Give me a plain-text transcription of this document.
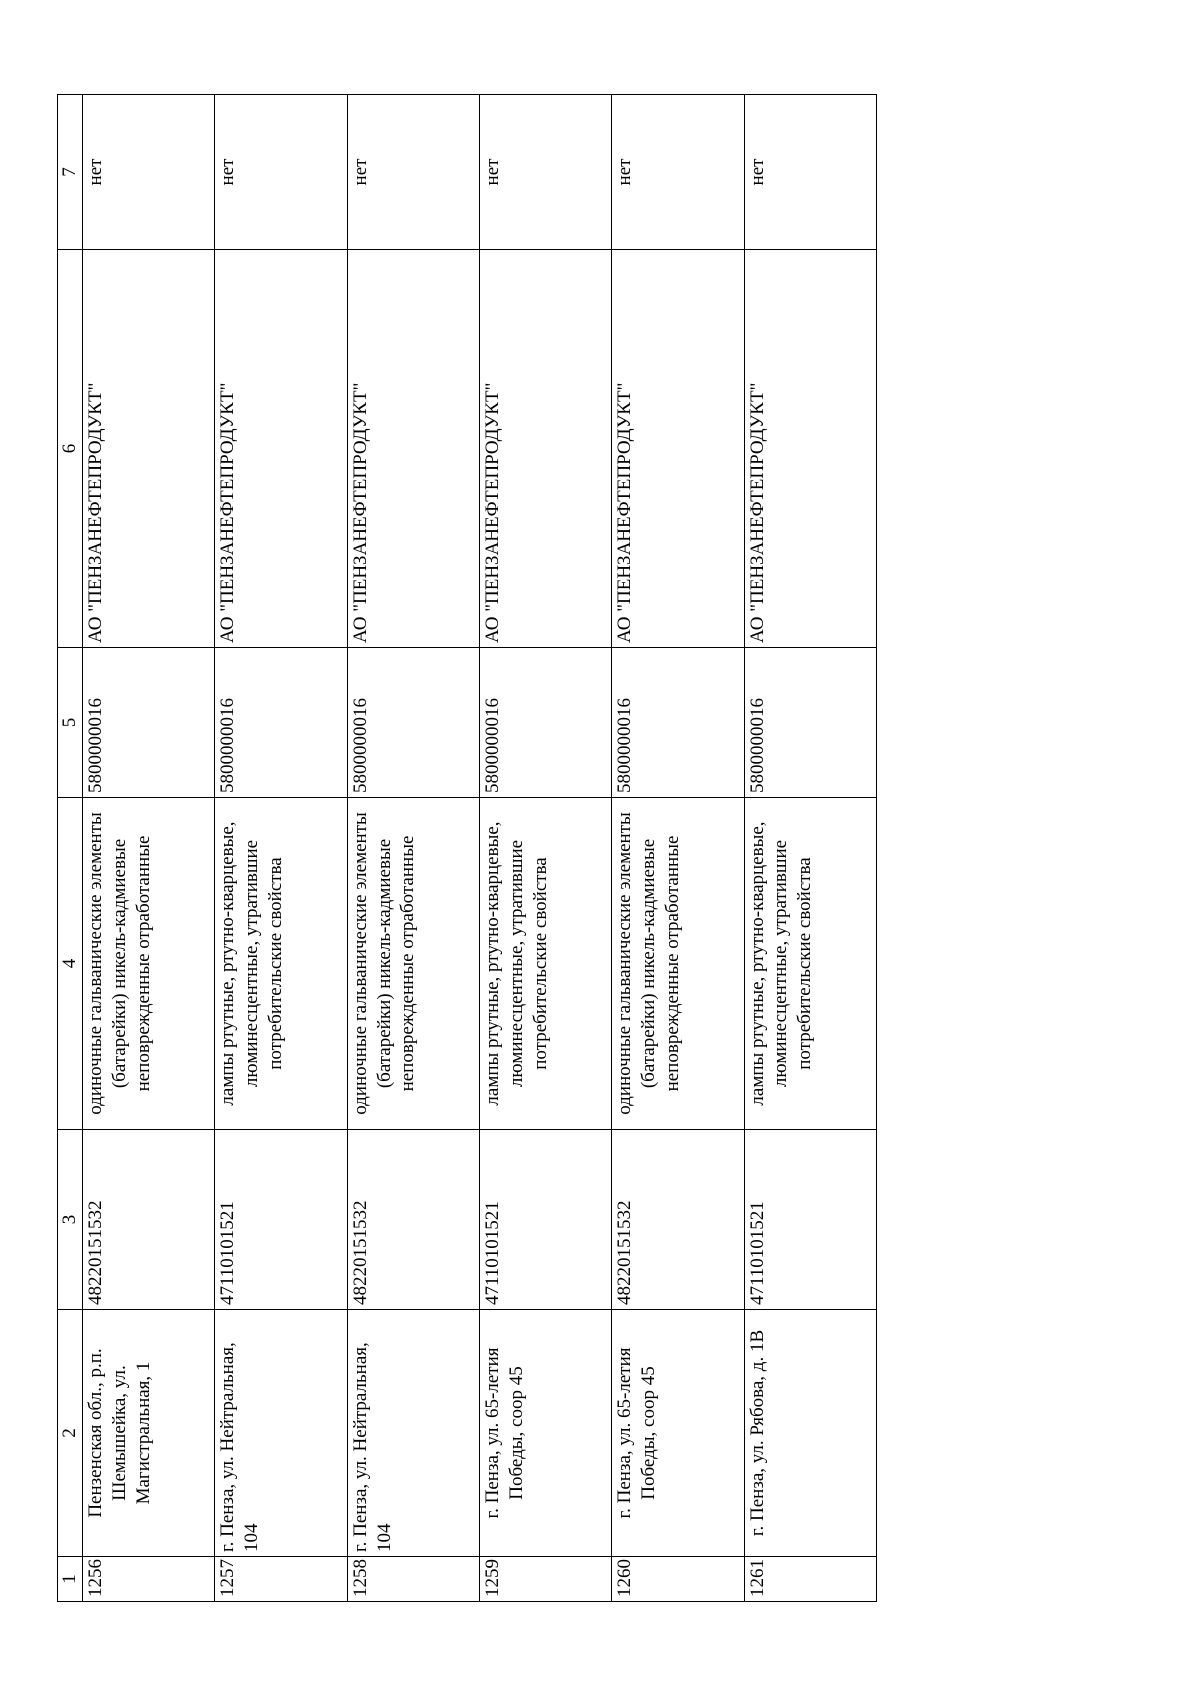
1	2	3	4	5	6	7
1256	Пензенская обл., р.п. Шемышейка, ул. Магистральная, 1	48220151532	одиночные гальванические элементы (батарейки) никель-кадмиевые неповрежденные отработанные	5800000016	АО "ПЕНЗАНЕФТЕПРОДУКТ"	нет
1257	г. Пенза, ул. Нейтральная, 104	47110101521	лампы ртутные, ртутно-кварцевые, люминесцентные, утратившие потребительские свойства	5800000016	АО "ПЕНЗАНЕФТЕПРОДУКТ"	нет
1258	г. Пенза, ул. Нейтральная, 104	48220151532	одиночные гальванические элементы (батарейки) никель-кадмиевые неповрежденные отработанные	5800000016	АО "ПЕНЗАНЕФТЕПРОДУКТ"	нет
1259	г. Пенза, ул. 65-летия Победы, соор 45	47110101521	лампы ртутные, ртутно-кварцевые, люминесцентные, утратившие потребительские свойства	5800000016	АО "ПЕНЗАНЕФТЕПРОДУКТ"	нет
1260	г. Пенза, ул. 65-летия Победы, соор 45	48220151532	одиночные гальванические элементы (батарейки) никель-кадмиевые неповрежденные отработанные	5800000016	АО "ПЕНЗАНЕФТЕПРОДУКТ"	нет
1261	г. Пенза, ул. Рябова, д. 1В	47110101521	лампы ртутные, ртутно-кварцевые, люминесцентные, утратившие потребительские свойства	5800000016	АО "ПЕНЗАНЕФТЕПРОДУКТ"	нет
